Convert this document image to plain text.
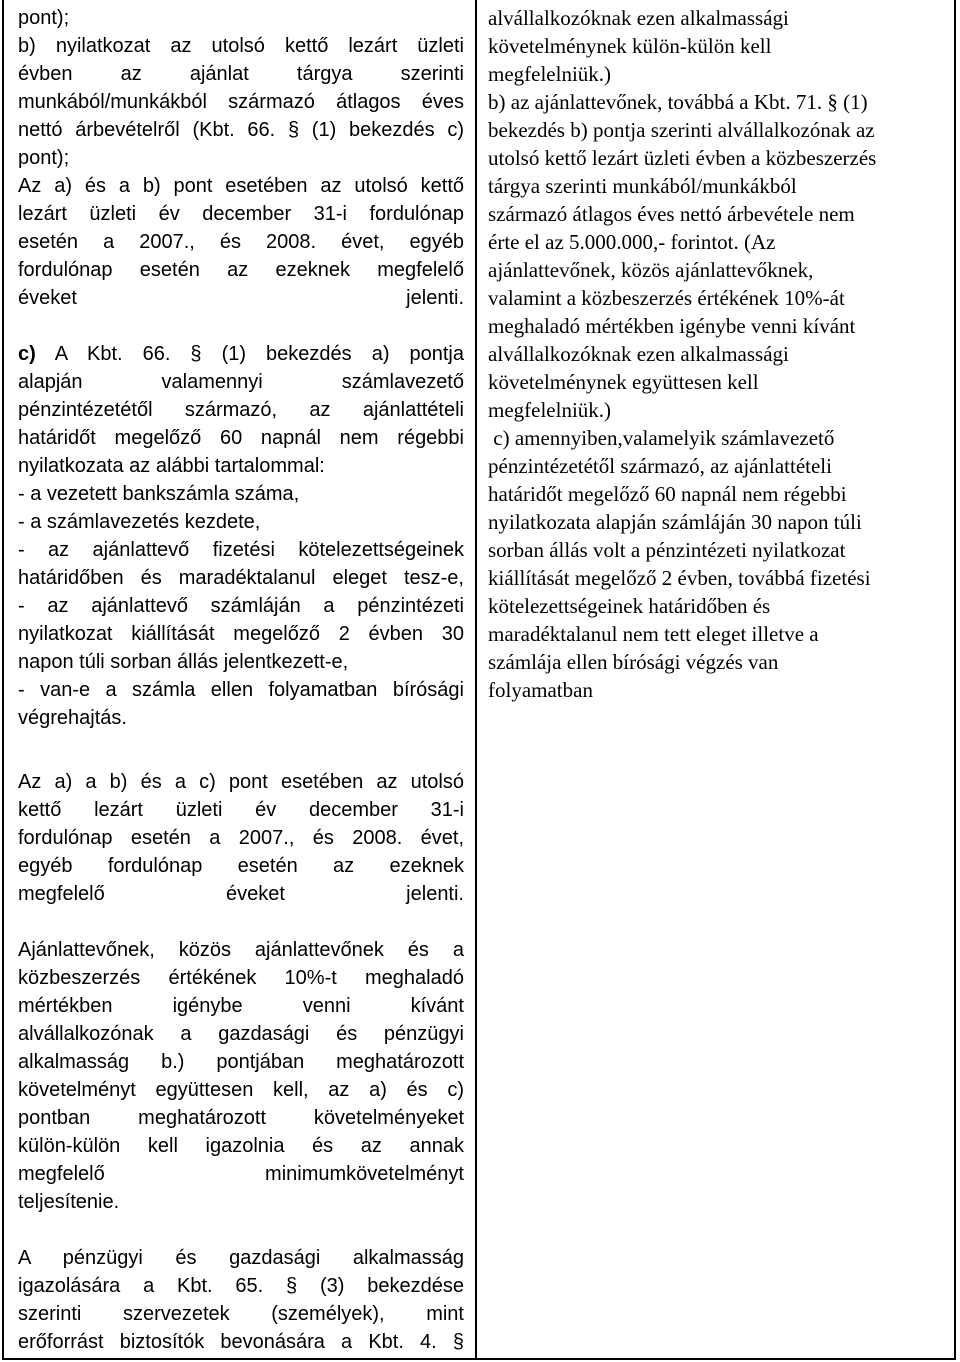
pont);
b) nyilatkozat az utolsó kettő lezárt üzleti
évben az ajánlat tárgya szerinti
munkából/munkákból származó átlagos éves
nettó árbevételről (Kbt. 66. § (1) bekezdés c)
pont);
Az a) és a b) pont esetében az utolsó kettő
lezárt üzleti év december 31-i fordulónap
esetén a 2007., és 2008. évet, egyéb
fordulónap esetén az ezeknek megfelelő
éveket jelenti.
c) A Kbt. 66. § (1) bekezdés a) pontja
alapján valamennyi számlavezető
pénzintézetétől származó, az ajánlattételi
határidőt megelőző 60 napnál nem régebbi
nyilatkozata az alábbi tartalommal:
- a vezetett bankszámla száma,
- a számlavezetés kezdete,
- az ajánlattevő fizetési kötelezettségeinek
határidőben és maradéktalanul eleget tesz-e,
- az ajánlattevő számláján a pénzintézeti
nyilatkozat kiállítását megelőző 2 évben 30
napon túli sorban állás jelentkezett-e,
- van-e a számla ellen folyamatban bírósági
végrehajtás.
Az a) a b) és a c) pont esetében az utolsó
kettő lezárt üzleti év december 31-i
fordulónap esetén a 2007., és 2008. évet,
egyéb fordulónap esetén az ezeknek
megfelelő éveket jelenti.
Ajánlattevőnek, közös ajánlattevőnek és a
közbeszerzés értékének 10%-t meghaladó
mértékben igénybe venni kívánt
alvállalkozónak a gazdasági és pénzügyi
alkalmasság b.) pontjában meghatározott
követelményt együttesen kell, az a) és c)
pontban meghatározott követelményeket
külön-külön kell igazolnia és az annak
megfelelő minimumkövetelményt
teljesítenie.
A pénzügyi és gazdasági alkalmasság
igazolására a Kbt. 65. § (3) bekezdése
szerinti szervezetek (személyek), mint
erőforrást biztosítók bevonására a Kbt. 4. §
alvállalkozóknak ezen alkalmassági
követelménynek külön-külön kell
megfelelniük.)
b) az ajánlattevőnek, továbbá a Kbt. 71. § (1)
bekezdés b) pontja szerinti alvállalkozónak az
utolsó kettő lezárt üzleti évben a közbeszerzés
tárgya szerinti munkából/munkákból
származó átlagos éves nettó árbevétele nem
érte el az 5.000.000,- forintot. (Az
ajánlattevőnek, közös ajánlattevőknek,
valamint a közbeszerzés értékének 10%-át
meghaladó mértékben igénybe venni kívánt
alvállalkozóknak ezen alkalmassági
követelménynek együttesen kell
megfelelniük.)
c) amennyiben,valamelyik számlavezető
pénzintézetétől származó, az ajánlattételi
határidőt megelőző 60 napnál nem régebbi
nyilatkozata alapján számláján 30 napon túli
sorban állás volt a pénzintézeti nyilatkozat
kiállítását megelőző 2 évben, továbbá fizetési
kötelezettségeinek határidőben és
maradéktalanul nem tett eleget illetve a
számlája ellen bírósági végzés van
folyamatban
